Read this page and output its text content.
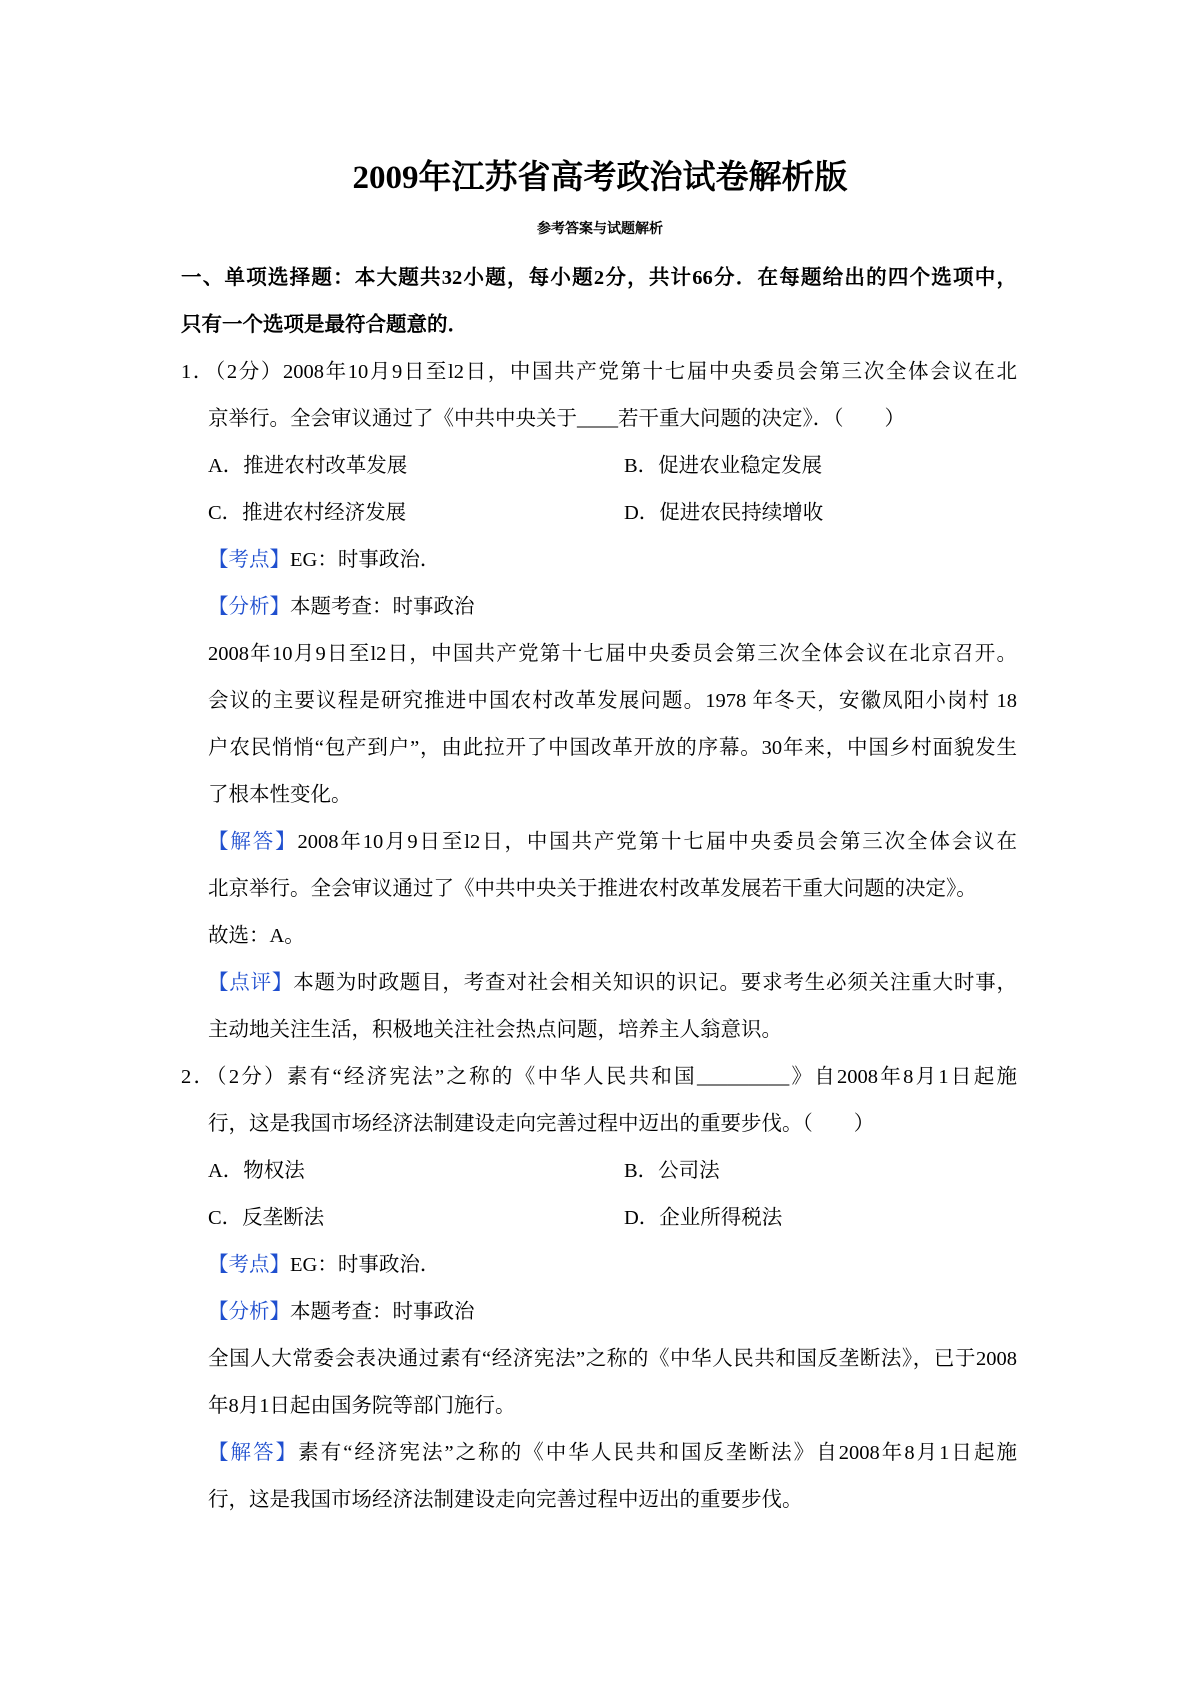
2009年江苏省高考政治试卷解析版
参考答案与试题解析
一、单项选择题：本大题共32小题，每小题2分，共计66分．在每题给出的四个选项中，
只有一个选项是最符合题意的．
1．（2分）2008年10月9日至l2日，中国共产党第十七届中央委员会第三次全体会议在北
京举行。全会审议通过了《中共中央关于____若干重大问题的决定》．（　　）
A．推进农村改革发展	B．促进农业稳定发展
C．推进农村经济发展	D．促进农民持续增收
【考点】EG：时事政治．
【分析】本题考查：时事政治
2008年10月9日至l2日，中国共产党第十七届中央委员会第三次全体会议在北京召开。
会议的主要议程是研究推进中国农村改革发展问题。1978 年冬天，安徽凤阳小岗村 18
户农民悄悄“包产到户”，由此拉开了中国改革开放的序幕。30年来，中国乡村面貌发生
了根本性变化。
【解答】2008年10月9日至l2日，中国共产党第十七届中央委员会第三次全体会议在
北京举行。全会审议通过了《中共中央关于推进农村改革发展若干重大问题的决定》。
故选：A。
【点评】本题为时政题目，考查对社会相关知识的识记。要求考生必须关注重大时事，
主动地关注生活，积极地关注社会热点问题，培养主人翁意识。
2．（2分）素有“经济宪法”之称的《中华人民共和国_________》自2008年8月1日起施
行，这是我国市场经济法制建设走向完善过程中迈出的重要步伐。（　　）
A．物权法	B．公司法
C．反垄断法	D．企业所得税法
【考点】EG：时事政治．
【分析】本题考查：时事政治
全国人大常委会表决通过素有“经济宪法”之称的《中华人民共和国反垄断法》，已于2008
年8月1日起由国务院等部门施行。
【解答】素有“经济宪法”之称的《中华人民共和国反垄断法》自2008年8月1日起施
行，这是我国市场经济法制建设走向完善过程中迈出的重要步伐。
